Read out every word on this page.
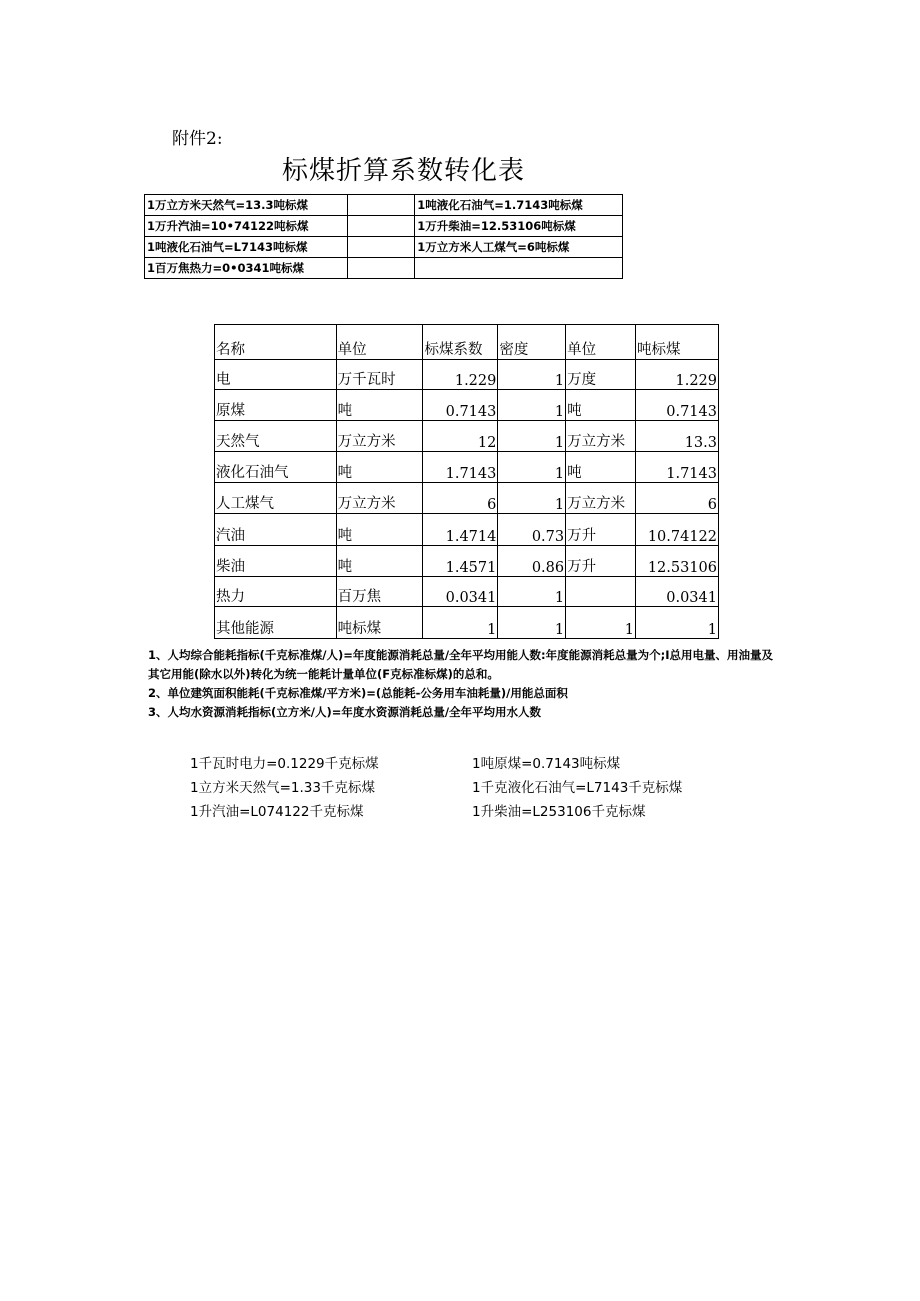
附件2:
标煤折算系数转化表
1万立方米天然气=13.3吨标煤		1吨液化石油气=1.7143吨标煤
1万升汽油=10•74122吨标煤		1万升柴油=12.53106吨标煤
1吨液化石油气=L7143吨标煤		1万立方米人工煤气=6吨标煤
1百万焦热力=0•0341吨标煤		
名称	单位	标煤系数	密度	单位	吨标煤
电	万千瓦时	1.229	1	万度	1.229
原煤	吨	0.7143	1	吨	0.7143
天然气	万立方米	12	1	万立方米	13.3
液化石油气	吨	1.7143	1	吨	1.7143
人工煤气	万立方米	6	1	万立方米	6
汽油	吨	1.4714	0.73	万升	10.74122
柴油	吨	1.4571	0.86	万升	12.53106
热力	百万焦	0.0341	1		0.0341
其他能源	吨标煤	1	1	1	1

1、人均综合能耗指标(千克标准煤/人)=年度能源消耗总量/全年平均用能人数:年度能源消耗总量为个;I总用电量、用油量及其它用能(除水以外)转化为统一能耗计量单位(F克标准标煤)的总和。

2、单位建筑面积能耗(千克标准煤/平方米)=(总能耗-公务用车油耗量)/用能总面积

3、人均水资源消耗指标(立方米/人)=年度水资源消耗总量/全年平均用水人数

1千瓦时电力=0.1229千克标煤
1立方米天然气=1.33千克标煤
1升汽油=L074122千克标煤
1吨原煤=0.7143吨标煤
1千克液化石油气=L7143千克标煤
1升柴油=L253106千克标煤
